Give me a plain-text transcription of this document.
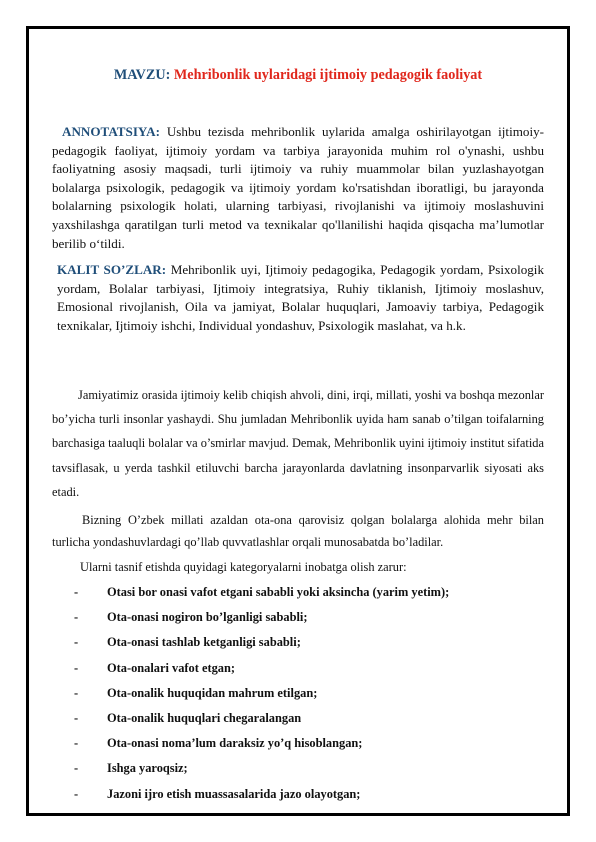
MAVZU: Mehribonlik uylaridagi ijtimoiy pedagogik faoliyat
ANNOTATSIYA: Ushbu tezisda mehribonlik uylarida amalga oshirilayotgan ijtimoiy-pedagogik faoliyat, ijtimoiy yordam va tarbiya jarayonida muhim rol o'ynashi, ushbu faoliyatning asosiy maqsadi, turli ijtimoiy va ruhiy muammolar bilan yuzlashayotgan bolalarga psixologik, pedagogik va ijtimoiy yordam ko'rsatishdan iboratligi, bu jarayonda bolalarning psixologik holati, ularning tarbiyasi, rivojlanishi va ijtimoiy moslashuvini yaxshilashga qaratilgan turli metod va texnikalar qo'llanilishi haqida qisqacha ma’lumotlar berilib o‘tildi.
KALIT SO’ZLAR: Mehribonlik uyi, Ijtimoiy pedagogika, Pedagogik yordam, Psixologik yordam, Bolalar tarbiyasi, Ijtimoiy integratsiya, Ruhiy tiklanish, Ijtimoiy moslashuv, Emosional rivojlanish, Oila va jamiyat, Bolalar huquqlari, Jamoaviy tarbiya, Pedagogik texnikalar, Ijtimoiy ishchi, Individual yondashuv, Psixologik maslahat, va h.k.
Jamiyatimiz orasida ijtimoiy kelib chiqish ahvoli, dini, irqi, millati, yoshi va boshqa mezonlar bo’yicha turli insonlar yashaydi. Shu jumladan Mehribonlik uyida ham sanab o’tilgan toifalarning barchasiga taaluqli bolalar va o’smirlar mavjud. Demak, Mehribonlik uyini ijtimoiy institut sifatida tavsiflasak, u yerda tashkil etiluvchi barcha jarayonlarda davlatning insonparvarlik siyosati aks etadi.
Bizning O’zbek millati azaldan ota-ona qarovisiz qolgan bolalarga alohida mehr bilan turlicha yondashuvlardagi qo’llab quvvatlashlar orqali munosabatda bo’ladilar.
Ularni tasnif etishda quyidagi kategoryalarni inobatga olish zarur:
-	Otasi bor onasi vafot etgani sababli yoki aksincha (yarim yetim);
-	Ota-onasi nogiron bo’lganligi sababli;
-	Ota-onasi tashlab ketganligi sababli;
-	Ota-onalari vafot etgan;
-	Ota-onalik huquqidan mahrum etilgan;
-	Ota-onalik huquqlari chegaralangan
-	Ota-onasi noma’lum daraksiz yo’q hisoblangan;
-	Ishga yaroqsiz;
-	Jazoni ijro etish muassasalarida jazo olayotgan;
